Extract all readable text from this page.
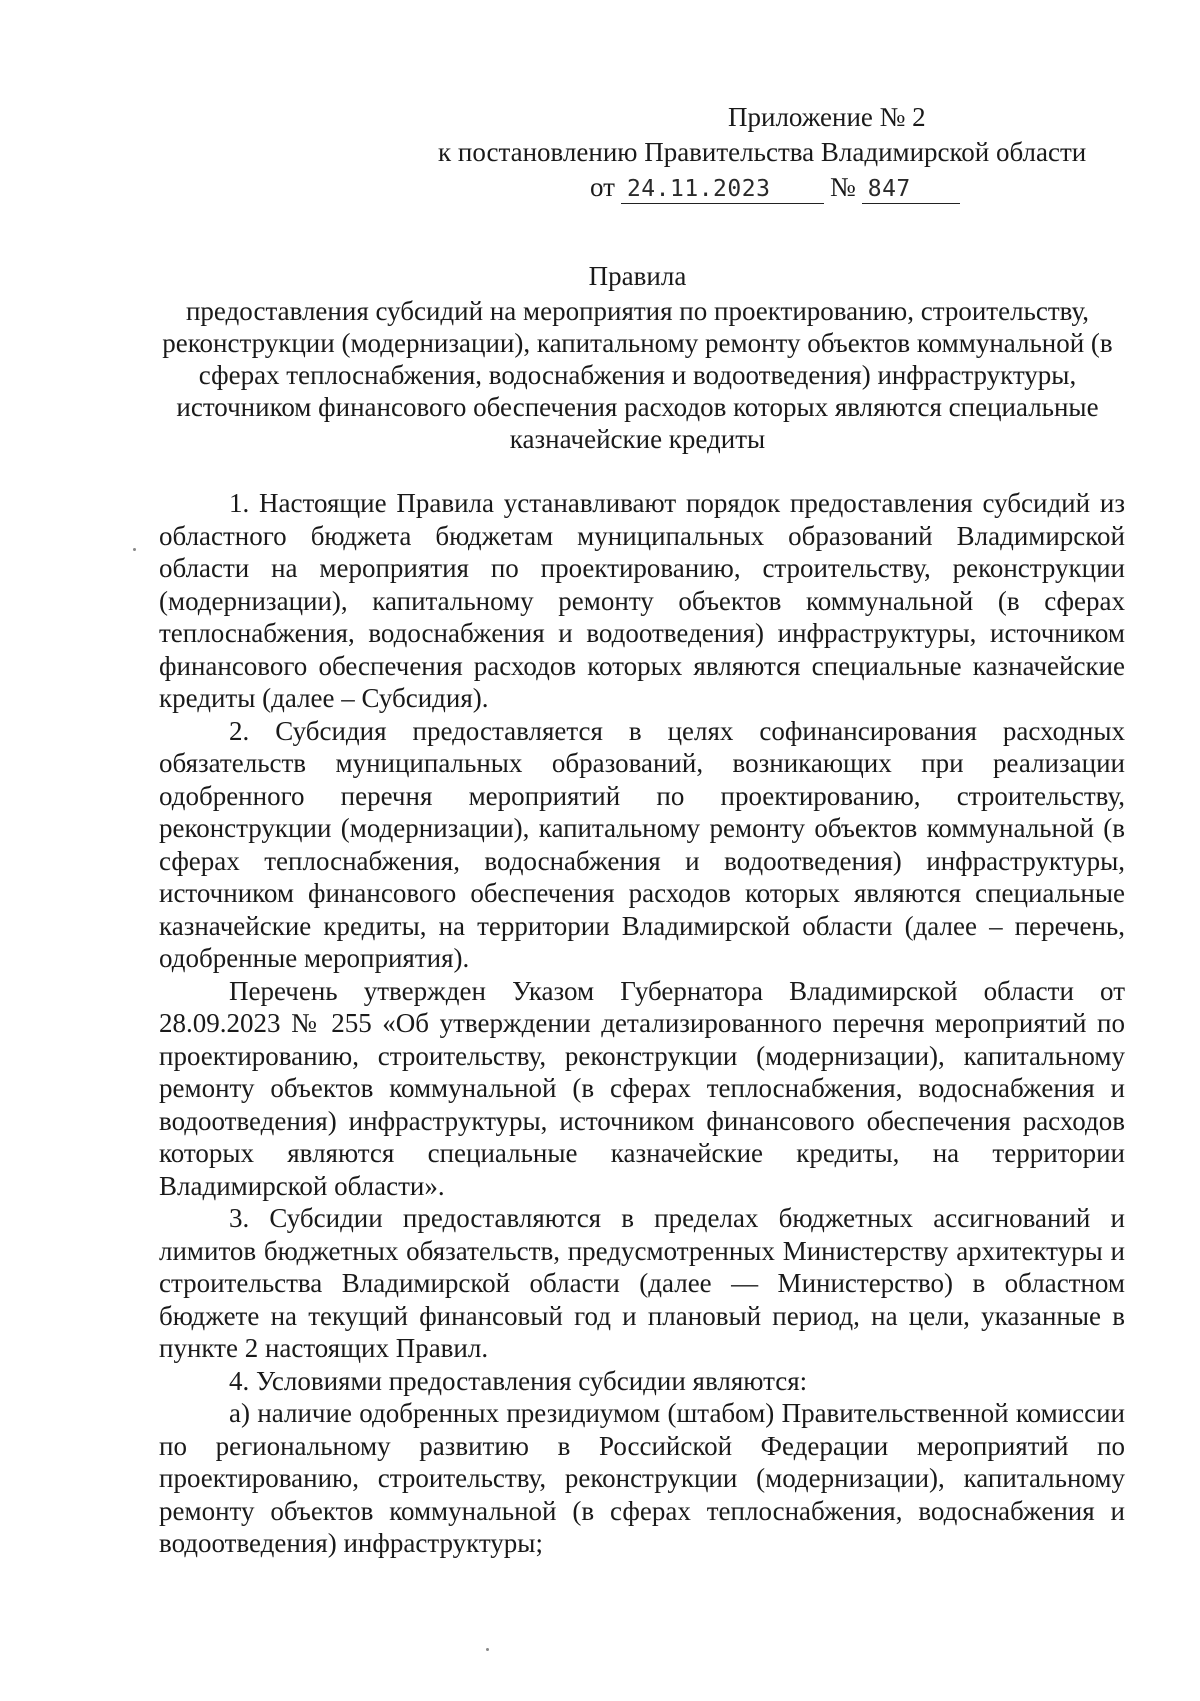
Приложение № 2
к постановлению Правительства Владимирской области
от 24.11.2023 № 847
Правила
предоставления субсидий на мероприятия по проектированию, строительству, реконструкции (модернизации), капитальному ремонту объектов коммунальной (в сферах теплоснабжения, водоснабжения и водоотведения) инфраструктуры, источником финансового обеспечения расходов которых являются специальные казначейские кредиты

1. Настоящие Правила устанавливают порядок предоставления субсидий из областного бюджета бюджетам муниципальных образований Владимирской области на мероприятия по проектированию, строительству, реконструкции (модернизации), капитальному ремонту объектов коммунальной (в сферах теплоснабжения, водоснабжения и водоотведения) инфраструктуры, источником финансового обеспечения расходов которых являются специальные казначейские кредиты (далее – Субсидия).

2. Субсидия предоставляется в целях софинансирования расходных обязательств муниципальных образований, возникающих при реализации одобренного перечня мероприятий по проектированию, строительству, реконструкции (модернизации), капитальному ремонту объектов коммунальной (в сферах теплоснабжения, водоснабжения и водоотведения) инфраструктуры, источником финансового обеспечения расходов которых являются специальные казначейские кредиты, на территории Владимирской области (далее – перечень, одобренные мероприятия).

Перечень утвержден Указом Губернатора Владимирской области от 28.09.2023 № 255 «Об утверждении детализированного перечня мероприятий по проектированию, строительству, реконструкции (модернизации), капитальному ремонту объектов коммунальной (в сферах теплоснабжения, водоснабжения и водоотведения) инфраструктуры, источником финансового обеспечения расходов которых являются специальные казначейские кредиты, на территории Владимирской области».

3. Субсидии предоставляются в пределах бюджетных ассигнований и лимитов бюджетных обязательств, предусмотренных Министерству архитектуры и строительства Владимирской области (далее — Министерство) в областном бюджете на текущий финансовый год и плановый период, на цели, указанные в пункте 2 настоящих Правил.

4. Условиями предоставления субсидии являются:

а) наличие одобренных президиумом (штабом) Правительственной комиссии по региональному развитию в Российской Федерации мероприятий по проектированию, строительству, реконструкции (модернизации), капитальному ремонту объектов коммунальной (в сферах теплоснабжения, водоснабжения и водоотведения) инфраструктуры;
